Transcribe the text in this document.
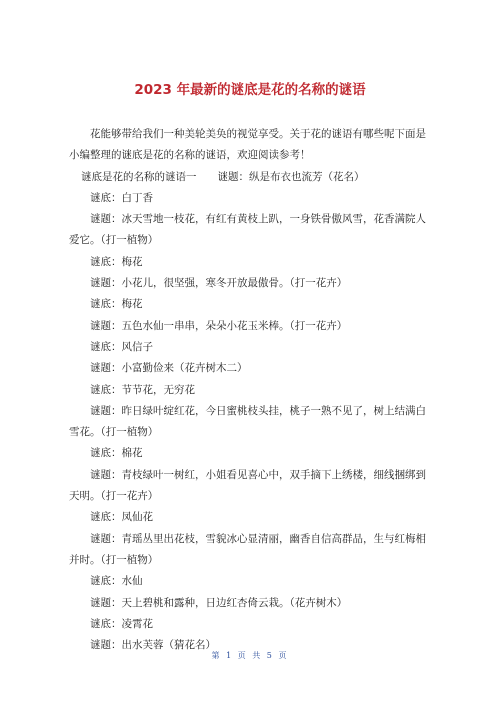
2023 年最新的谜底是花的名称的谜语

花能够带给我们一种美轮美奂的视觉享受。关于花的谜语有哪些呢下面是小编整理的谜底是花的名称的谜语，欢迎阅读参考！

谜底是花的名称的谜语一　　谜题：纵是布衣也流芳（花名）

谜底：白丁香

谜题：冰天雪地一枝花，有红有黄枝上趴，一身铁骨傲风雪，花香满院人爱它。（打一植物）

谜底：梅花

谜题：小花儿，很坚强，寒冬开放最傲骨。（打一花卉）

谜底：梅花

谜题：五色水仙一串串，朵朵小花玉米棒。（打一花卉）

谜底：风信子

谜题：小富勤俭来（花卉树木二）

谜底：节节花，无穷花

谜题：昨日绿叶绽红花，今日蜜桃枝头挂，桃子一熟不见了，树上结满白雪花。（打一植物）

谜底：棉花

谜题：青枝绿叶一树红，小姐看见喜心中，双手摘下上绣楼，细线捆绑到天明。（打一花卉）

谜底：凤仙花

谜题：青瑶丛里出花枝，雪貌冰心显清丽，幽香自信高群品，生与红梅相并时。（打一植物）

谜底：水仙

谜题：天上碧桃和露种，日边红杏倚云栽。（花卉树木）

谜底：凌霄花

谜题：出水芙蓉（猜花名）

第 1 页 共 5 页
